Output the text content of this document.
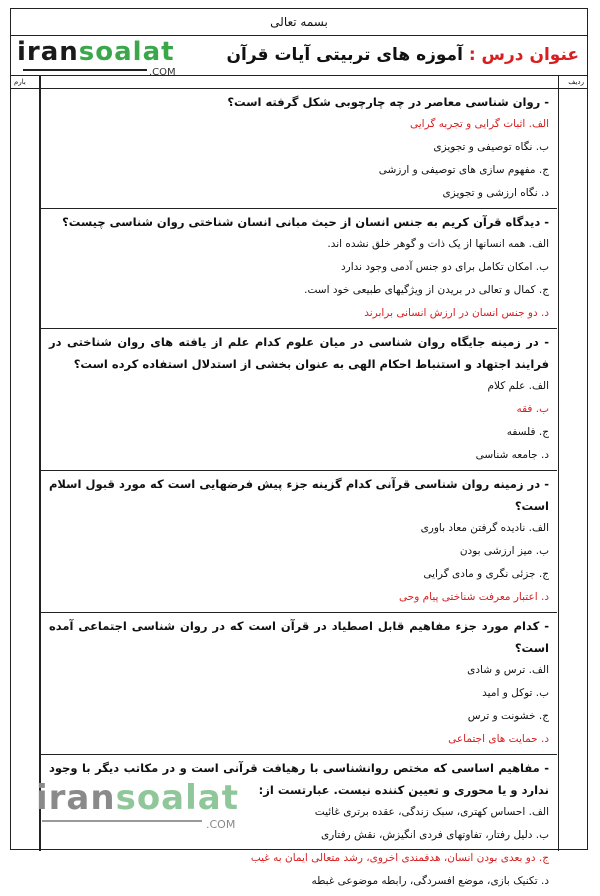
بسمه تعالی
iransoalat
.COM
عنوان درس : آموزه های تربیتی آیات قرآن
ردیف
بارم
- روان شناسی معاصر در چه چارچوبی شکل گرفته است؟
الف. اثبات گرایی و تجربه گرایی
ب. نگاه توصیفی و تجویزی
ج. مفهوم سازی های توصیفی و ارزشی
د. نگاه ارزشی و تجویزی
- دیدگاه قرآن کریم به جنس انسان از حیث مبانی انسان شناختی روان شناسی چیست؟
الف. همه انسانها از یک ذات و گوهر خلق نشده اند.
ب. امکان تکامل برای دو جنس آدمی وجود ندارد
ج. کمال و تعالی در بریدن از ویژگیهای طبیعی خود است.
د. دو جنس انسان در ارزش انسانی برابرند
- در زمینه جایگاه روان شناسی در میان علوم کدام علم از یافته های روان شناختی در فرایند اجتهاد و استنباط احکام الهی به عنوان بخشی از استدلال استفاده کرده است؟
الف. علم کلام
ب. فقه
ج. فلسفه
د. جامعه شناسی
- در زمینه روان شناسی قرآنی کدام گزینه جزء پیش فرضهایی است که مورد قبول اسلام است؟
الف. نادیده گرفتن معاد باوری
ب. میز ارزشی بودن
ج. جزئی نگری و مادی گرایی
د. اعتبار معرفت شناختی پیام وحی
- کدام مورد جزء مفاهیم قابل اصطیاد در قرآن است که در روان شناسی اجتماعی آمده است؟
الف. ترس و شادی
ب. توکل و امید
ج. خشونت و ترس
د. حمایت های اجتماعی
- مفاهیم اساسی که مختص روانشناسی با رهیافت قرآنی است و در مکاتب دیگر با وجود ندارد و یا محوری و تعیین کننده نیست. عبارتست از:
الف. احساس کهتری، سبک زندگی، عقده برتری غائیت
ب. دلیل رفتار، تفاوتهای فردی انگیزش، نقش رفتاری
ج. دو بعدی بودن انسان، هدفمندی اخروی، رشد متعالی ایمان به غیب
د. تکنیک بازی، موضع افسردگی، رابطه موضوعی غبطه
iransoalat
.COM
